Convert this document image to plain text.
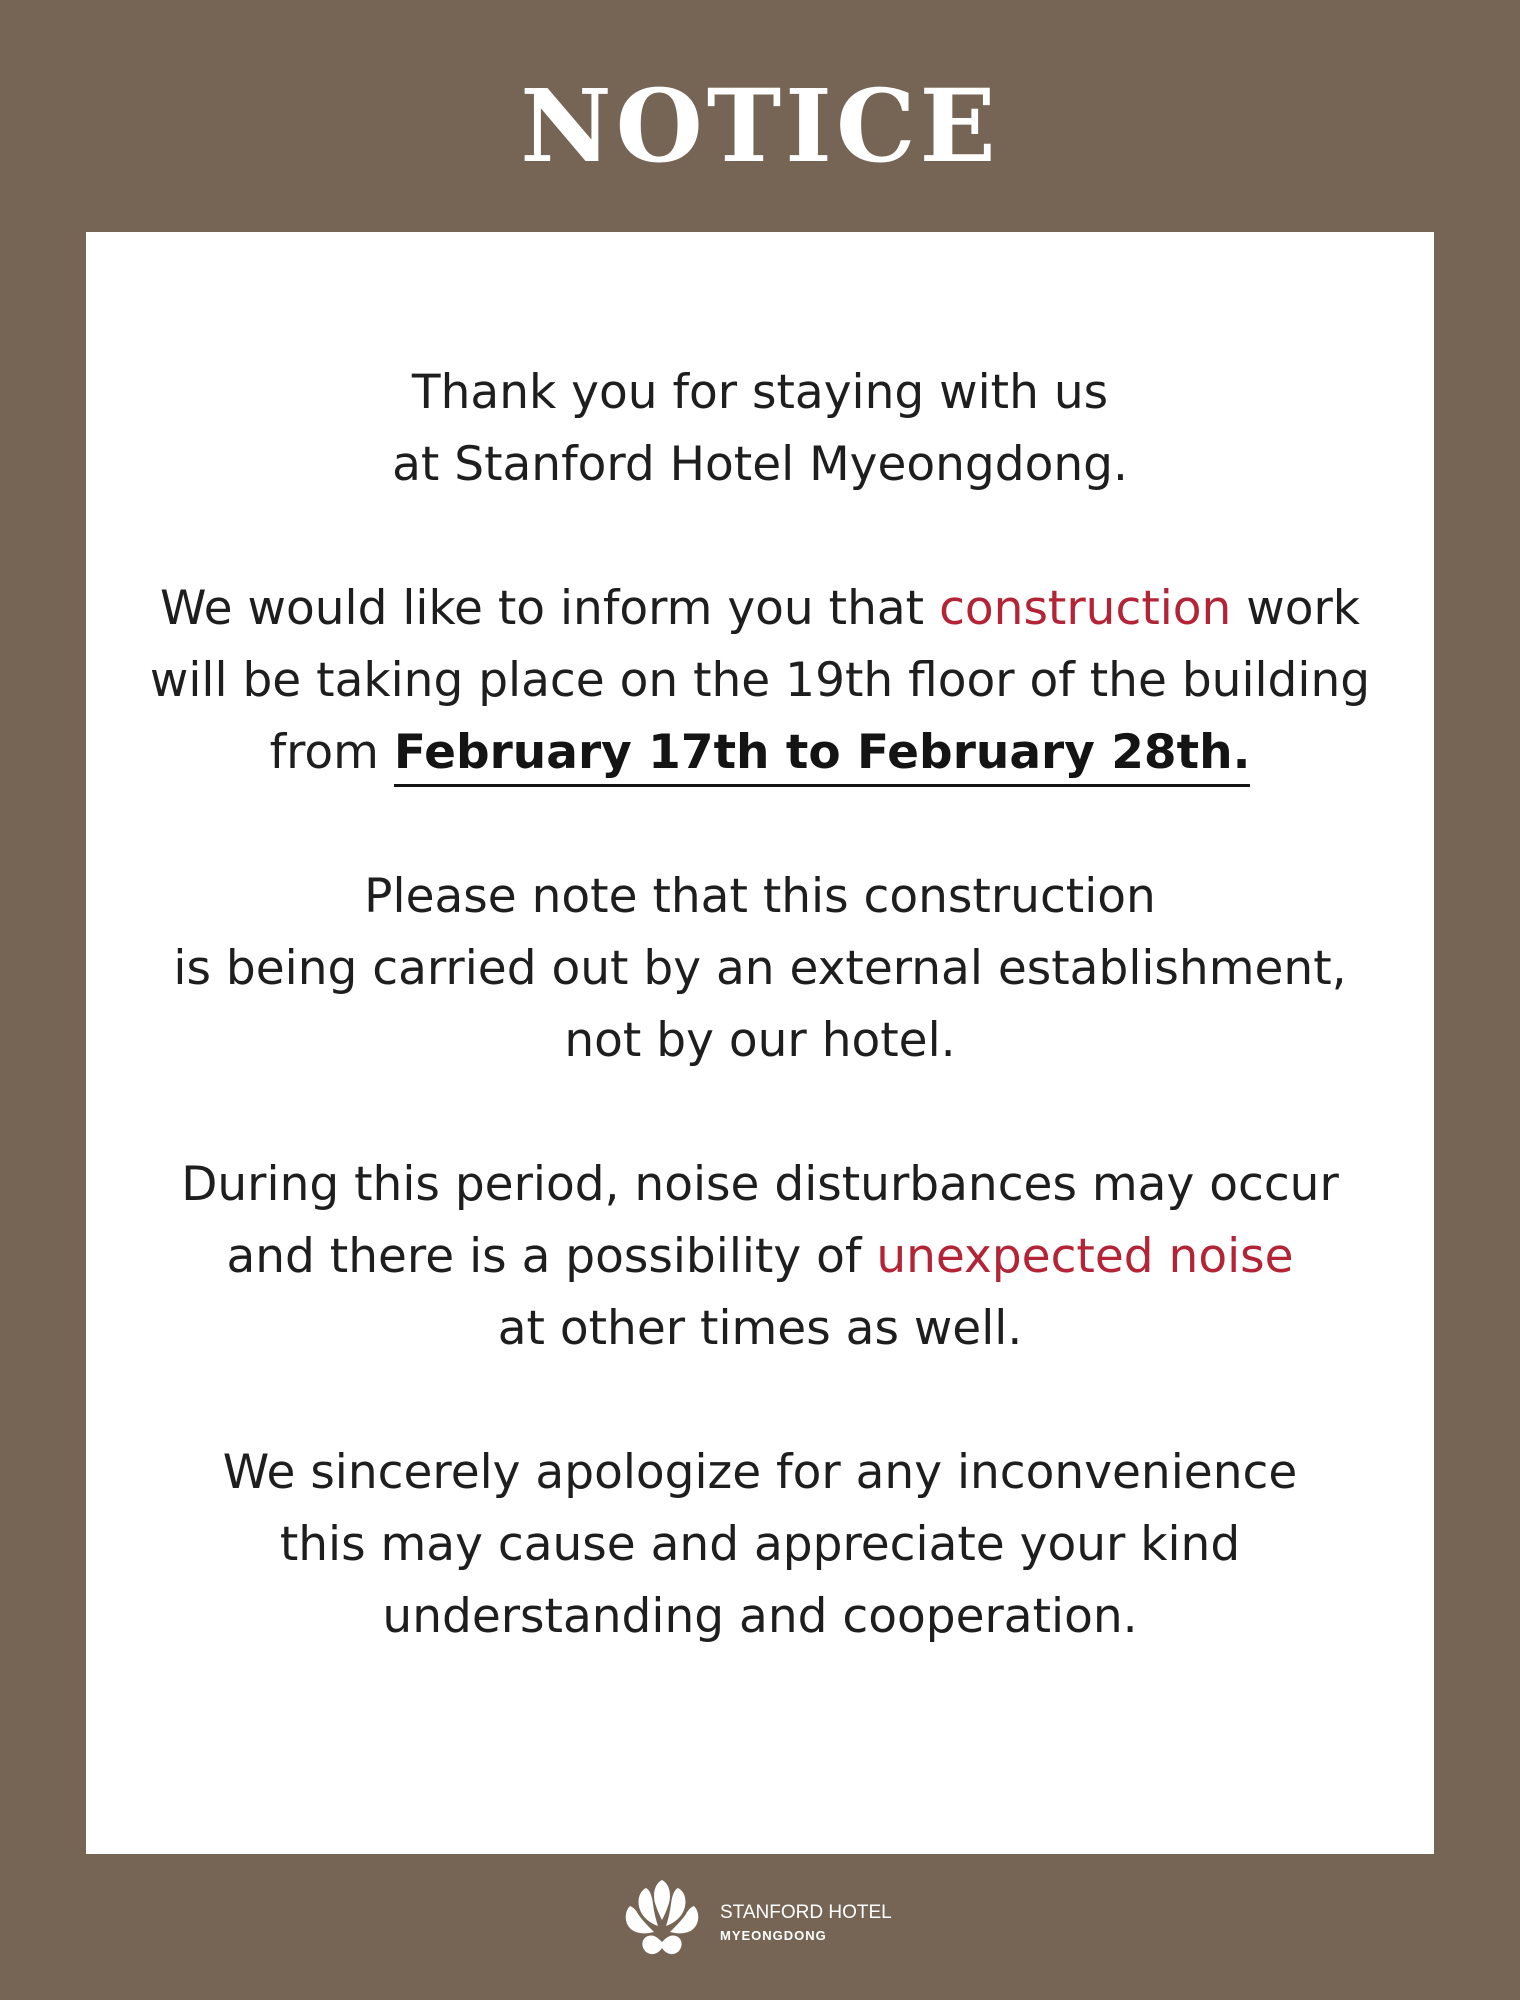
NOTICE

Thank you for staying with us
at Stanford Hotel Myeongdong.

We would like to inform you that construction work
will be taking place on the 19th floor of the building
from February 17th to February 28th.

Please note that this construction
is being carried out by an external establishment,
not by our hotel.

During this period, noise disturbances may occur
and there is a possibility of unexpected noise
at other times as well.

We sincerely apologize for any inconvenience
this may cause and appreciate your kind
understanding and cooperation.

STANFORD HOTEL
MYEONGDONG
